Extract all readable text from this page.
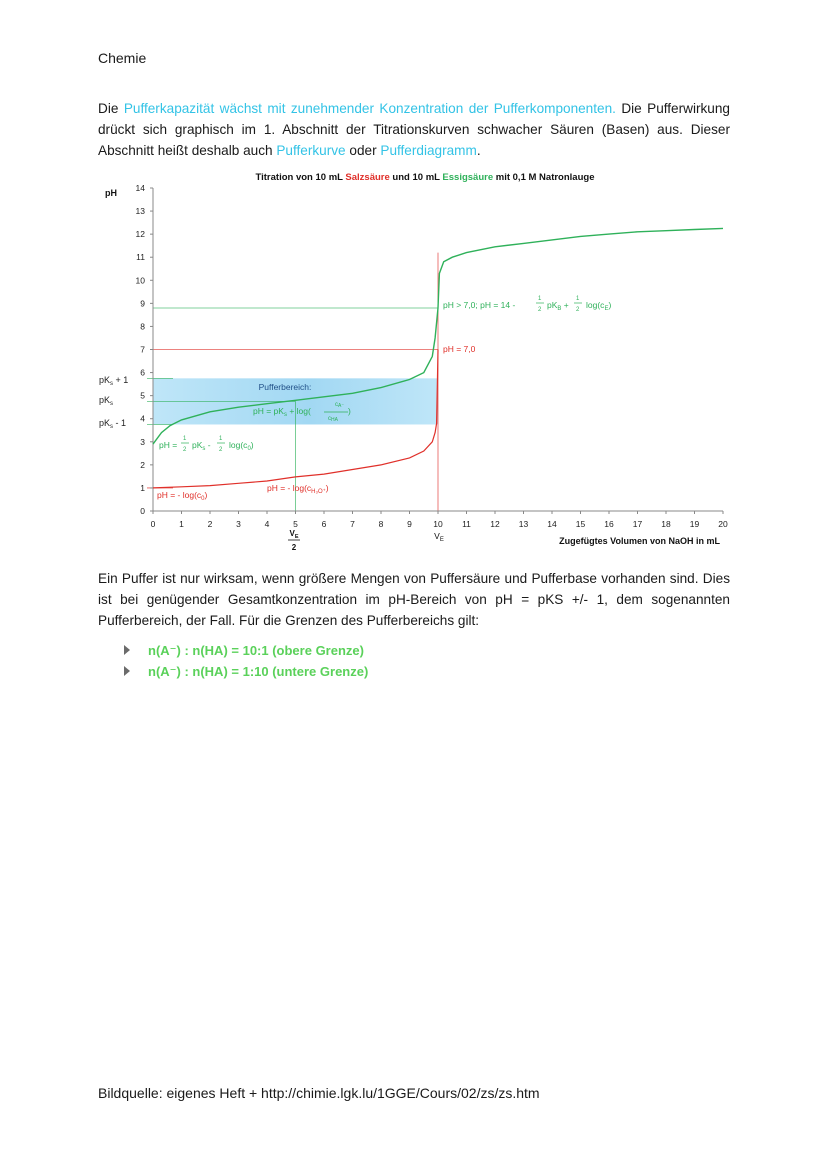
Chemie

Die Pufferkapazität wächst mit zunehmender Konzentration der Pufferkomponenten. Die Pufferwirkung drückt sich graphisch im 1. Abschnitt der Titrationskurven schwacher Säuren (Basen) aus. Dieser Abschnitt heißt deshalb auch Pufferkurve oder Pufferdiagramm.

Titration von 10 mL Salzsäure und 10 mL Essigsäure mit 0,1 M Natronlauge
0
1
2
3
4
5
6
7
8
9
10
11
12
13
14
0	1	2	3	4	5	6	7	8	9	10 11 12 13 14 15 16 17 18 19 20
pH
$pK_s + 1$
$pK_s$
$pK_s - 1$
Pufferbereich:
pH = $pK_s + \log$(
cA⁻
cHA
)
pH =
1
2 $pK_s$ -
1
2 $\log(c_0)$
pH = - $\log(c_0)$
pH = - $\log(c_{H_3O^+})$
pH = 7,0
pH > 7,0; pH = 14 -
1
2 $pK_B$ +
1
2 $\log(c_E)$
$V_E$
$V_E$
2
Zugefügtes Volumen von NaOH in mL

Ein Puffer ist nur wirksam, wenn größere Mengen von Puffersäure und Pufferbase vorhanden sind. Dies ist bei genügender Gesamtkonzentration im pH-Bereich von pH = pKS +/- 1, dem sogenannten Pufferbereich, der Fall. Für die Grenzen des Pufferbereichs gilt:

n(A⁻) : n(HA) = 10:1 (obere Grenze)
n(A⁻) : n(HA) = 1:10 (untere Grenze)
Bildquelle: eigenes Heft + http://chimie.lgk.lu/1GGE/Cours/02/zs/zs.htm
